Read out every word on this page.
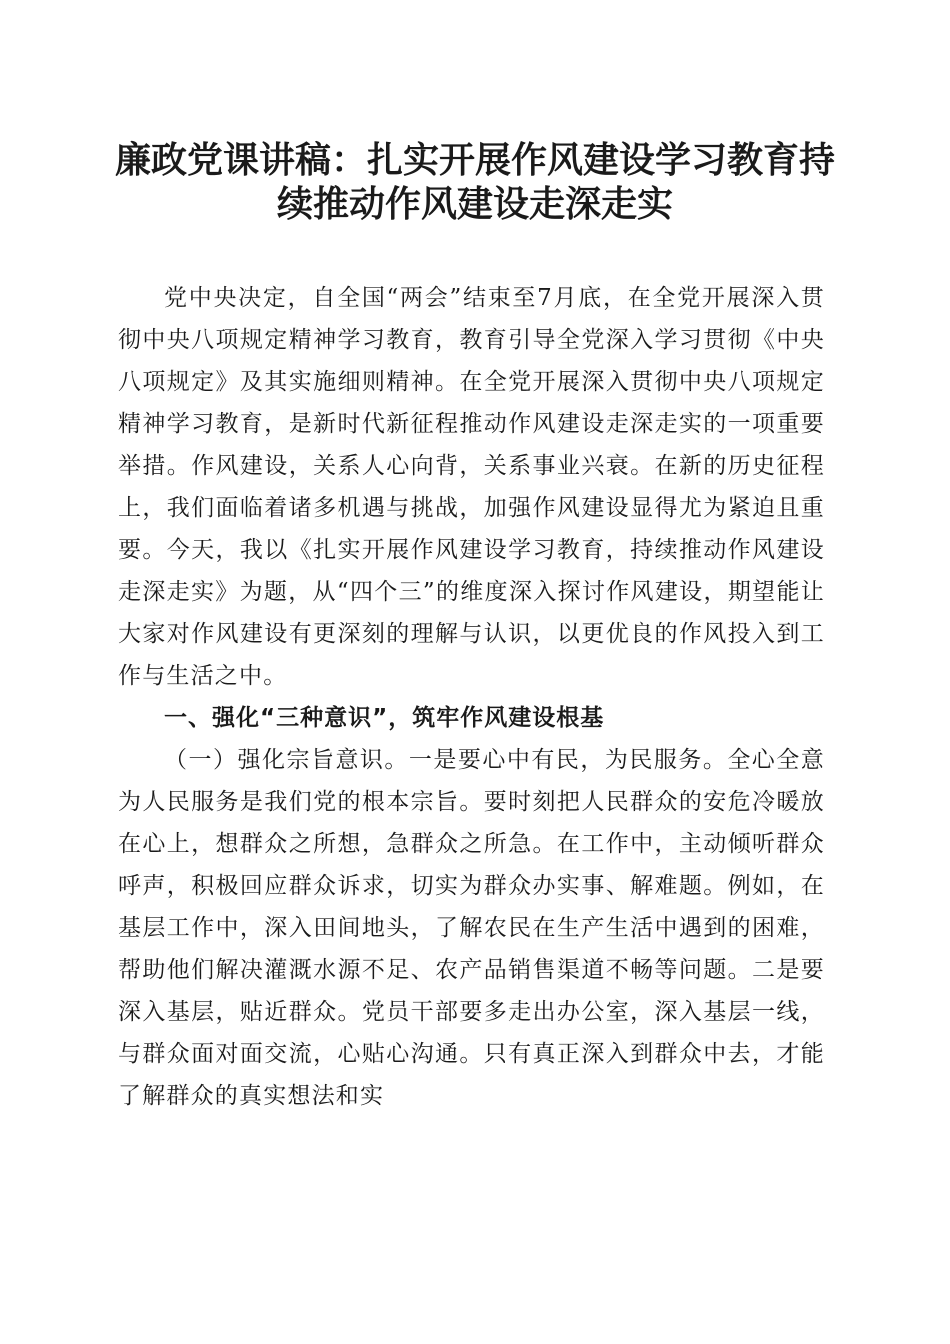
廉政党课讲稿：扎实开展作风建设学习教育持
续推动作风建设走深走实

党中央决定，自全国“两会”结束至7月底，在全党开展深入贯彻中央八项规定精神学习教育，教育引导全党深入学习贯彻《中央八项规定》及其实施细则精神。在全党开展深入贯彻中央八项规定精神学习教育，是新时代新征程推动作风建设走深走实的一项重要举措。作风建设，关系人心向背，关系事业兴衰。在新的历史征程上，我们面临着诸多机遇与挑战，加强作风建设显得尤为紧迫且重要。今天，我以《扎实开展作风建设学习教育，持续推动作风建设走深走实》为题，从“四个三”的维度深入探讨作风建设，期望能让大家对作风建设有更深刻的理解与认识，以更优良的作风投入到工作与生活之中。

一、强化“三种意识”，筑牢作风建设根基

（一）强化宗旨意识。一是要心中有民，为民服务。全心全意为人民服务是我们党的根本宗旨。要时刻把人民群众的安危冷暖放在心上，想群众之所想，急群众之所急。在工作中，主动倾听群众呼声，积极回应群众诉求，切实为群众办实事、解难题。例如，在基层工作中，深入田间地头，了解农民在生产生活中遇到的困难，帮助他们解决灌溉水源不足、农产品销售渠道不畅等问题。二是要深入基层，贴近群众。党员干部要多走出办公室，深入基层一线，与群众面对面交流，心贴心沟通。只有真正深入到群众中去，才能了解群众的真实想法和实
